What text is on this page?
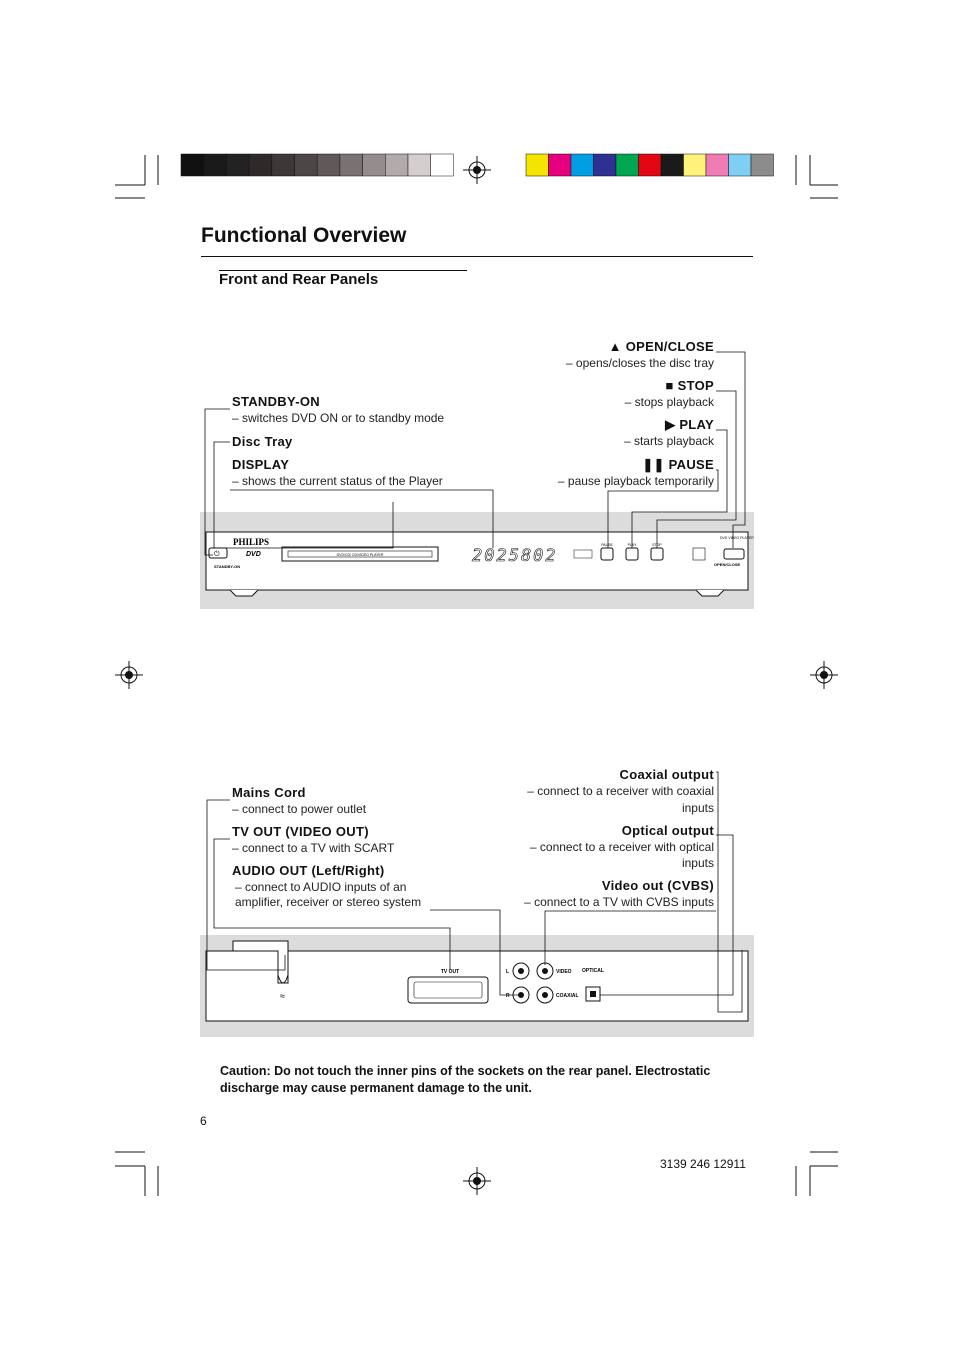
Functional Overview
Front and Rear Panels
▲ OPEN/CLOSE
– opens/closes the disc tray
■ STOP
– stops playback
▶ PLAY
– starts playback
❚❚ PAUSE
– pause playback temporarily
STANDBY-ON
– switches DVD ON or to standby mode
Disc Tray
DISPLAY
– shows the current status of the Player
⏻
PHILIPS
DVD	DVD/CD/ CD/VIDEO PLAYER	2025802
PAUSE	PLAY	STOP
DVD VIDEO PLAYER
STANDBY-ON	OPEN/CLOSE
Mains Cord
– connect to power outlet
TV OUT (VIDEO OUT)
– connect to a TV with SCART
AUDIO OUT (Left/Right)
– connect to AUDIO inputs of an
amplifier, receiver or stereo system
Coaxial output
– connect to a receiver with coaxial
inputs
Optical output
– connect to a receiver with optical
inputs
Video out (CVBS)
– connect to a TV with CVBS inputs
≈
TV OUT	L
R
VIDEO
COAXIAL
OPTICAL
Caution: Do not touch the inner pins of the sockets on the rear panel. Electrostatic discharge may cause permanent damage to the unit.
6
3139 246 12911
